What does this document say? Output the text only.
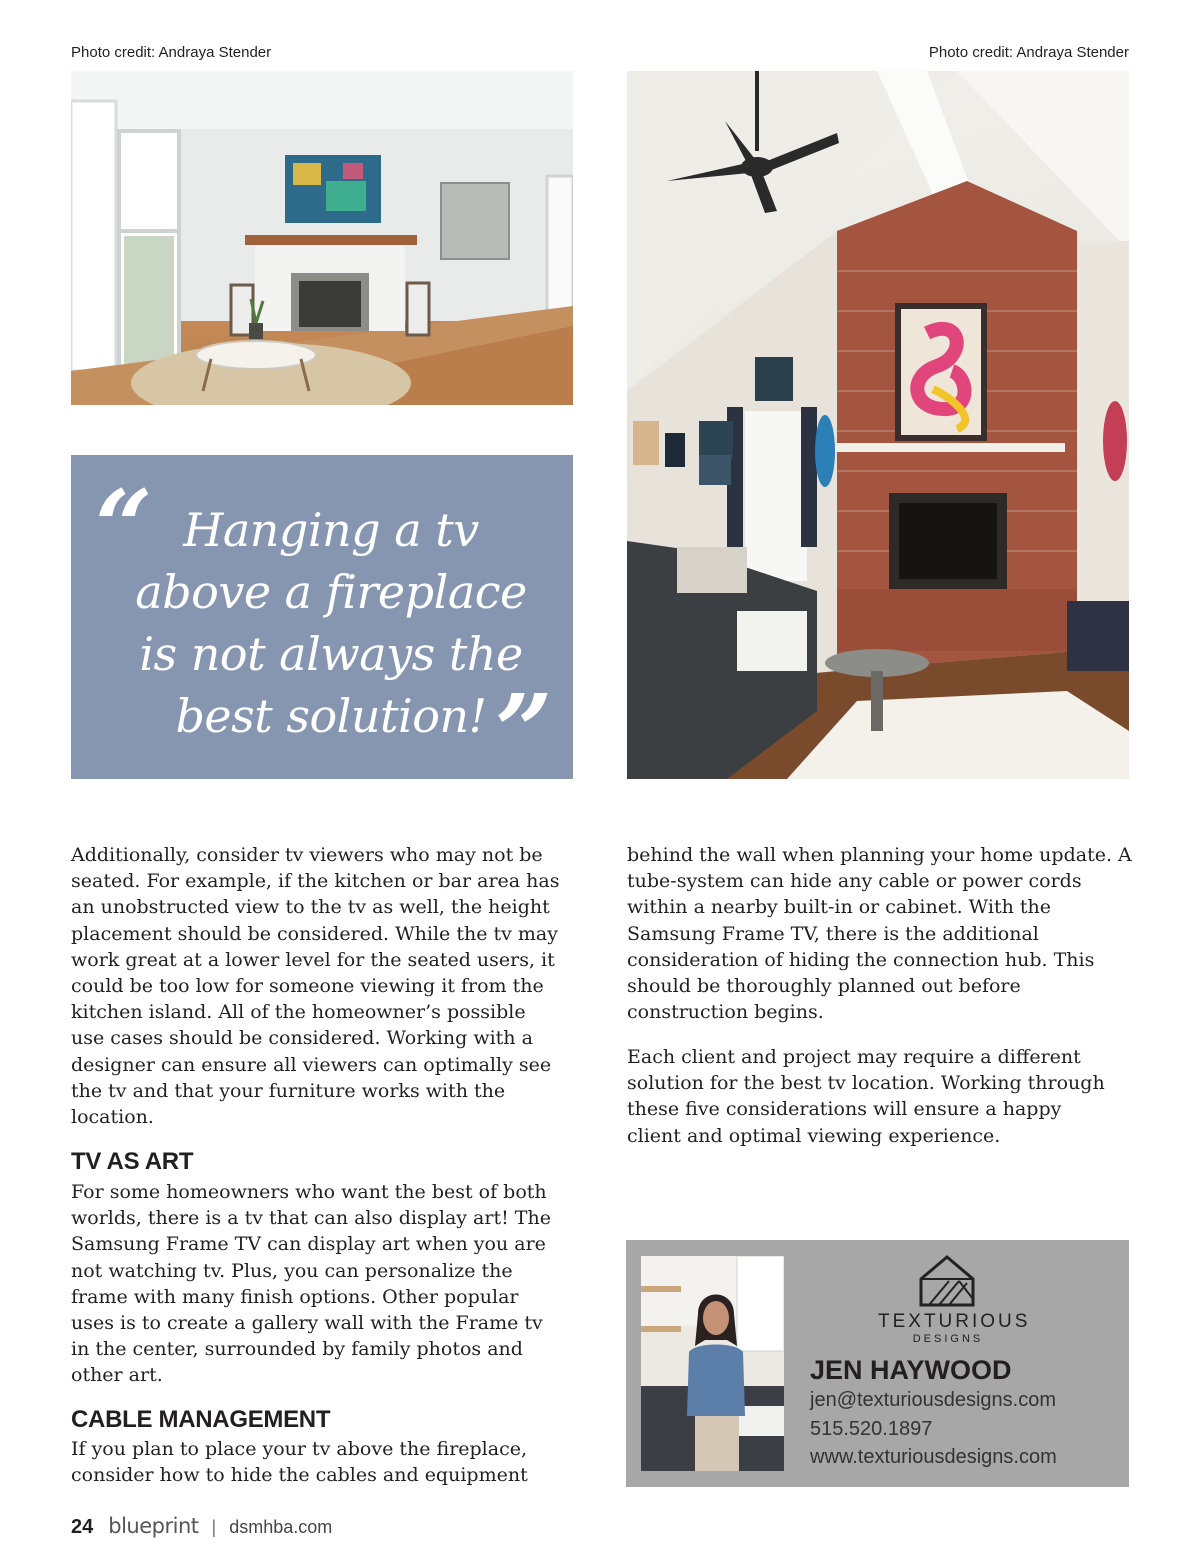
Photo credit: Andraya Stender	Photo credit: Andraya Stender
“ Hanging a tv above a fireplace is not always the best solution! ”

Additionally, consider tv viewers who may not be seated. For example, if the kitchen or bar area has an unobstructed view to the tv as well, the height placement should be considered. While the tv may work great at a lower level for the seated users, it could be too low for someone viewing it from the kitchen island. All of the homeowner’s possible use cases should be considered. Working with a designer can ensure all viewers can optimally see the tv and that your furniture works with the location.

TV AS ART

For some homeowners who want the best of both worlds, there is a tv that can also display art! The Samsung Frame TV can display art when you are not watching tv. Plus, you can personalize the frame with many finish options. Other popular uses is to create a gallery wall with the Frame tv in the center, surrounded by family photos and other art.

CABLE MANAGEMENT

If you plan to place your tv above the fireplace, consider how to hide the cables and equipment

behind the wall when planning your home update. A tube-system can hide any cable or power cords within a nearby built-in or cabinet. With the Samsung Frame TV, there is the additional consideration of hiding the connection hub. This should be thoroughly planned out before construction begins.

Each client and project may require a different solution for the best tv location. Working through these five considerations will ensure a happy client and optimal viewing experience.

TEXTURIOUS
DESIGNS
JEN HAYWOOD
jen@texturiousdesigns.com
515.520.1897
www.texturiousdesigns.com
24 blueprint | dsmhba.com
